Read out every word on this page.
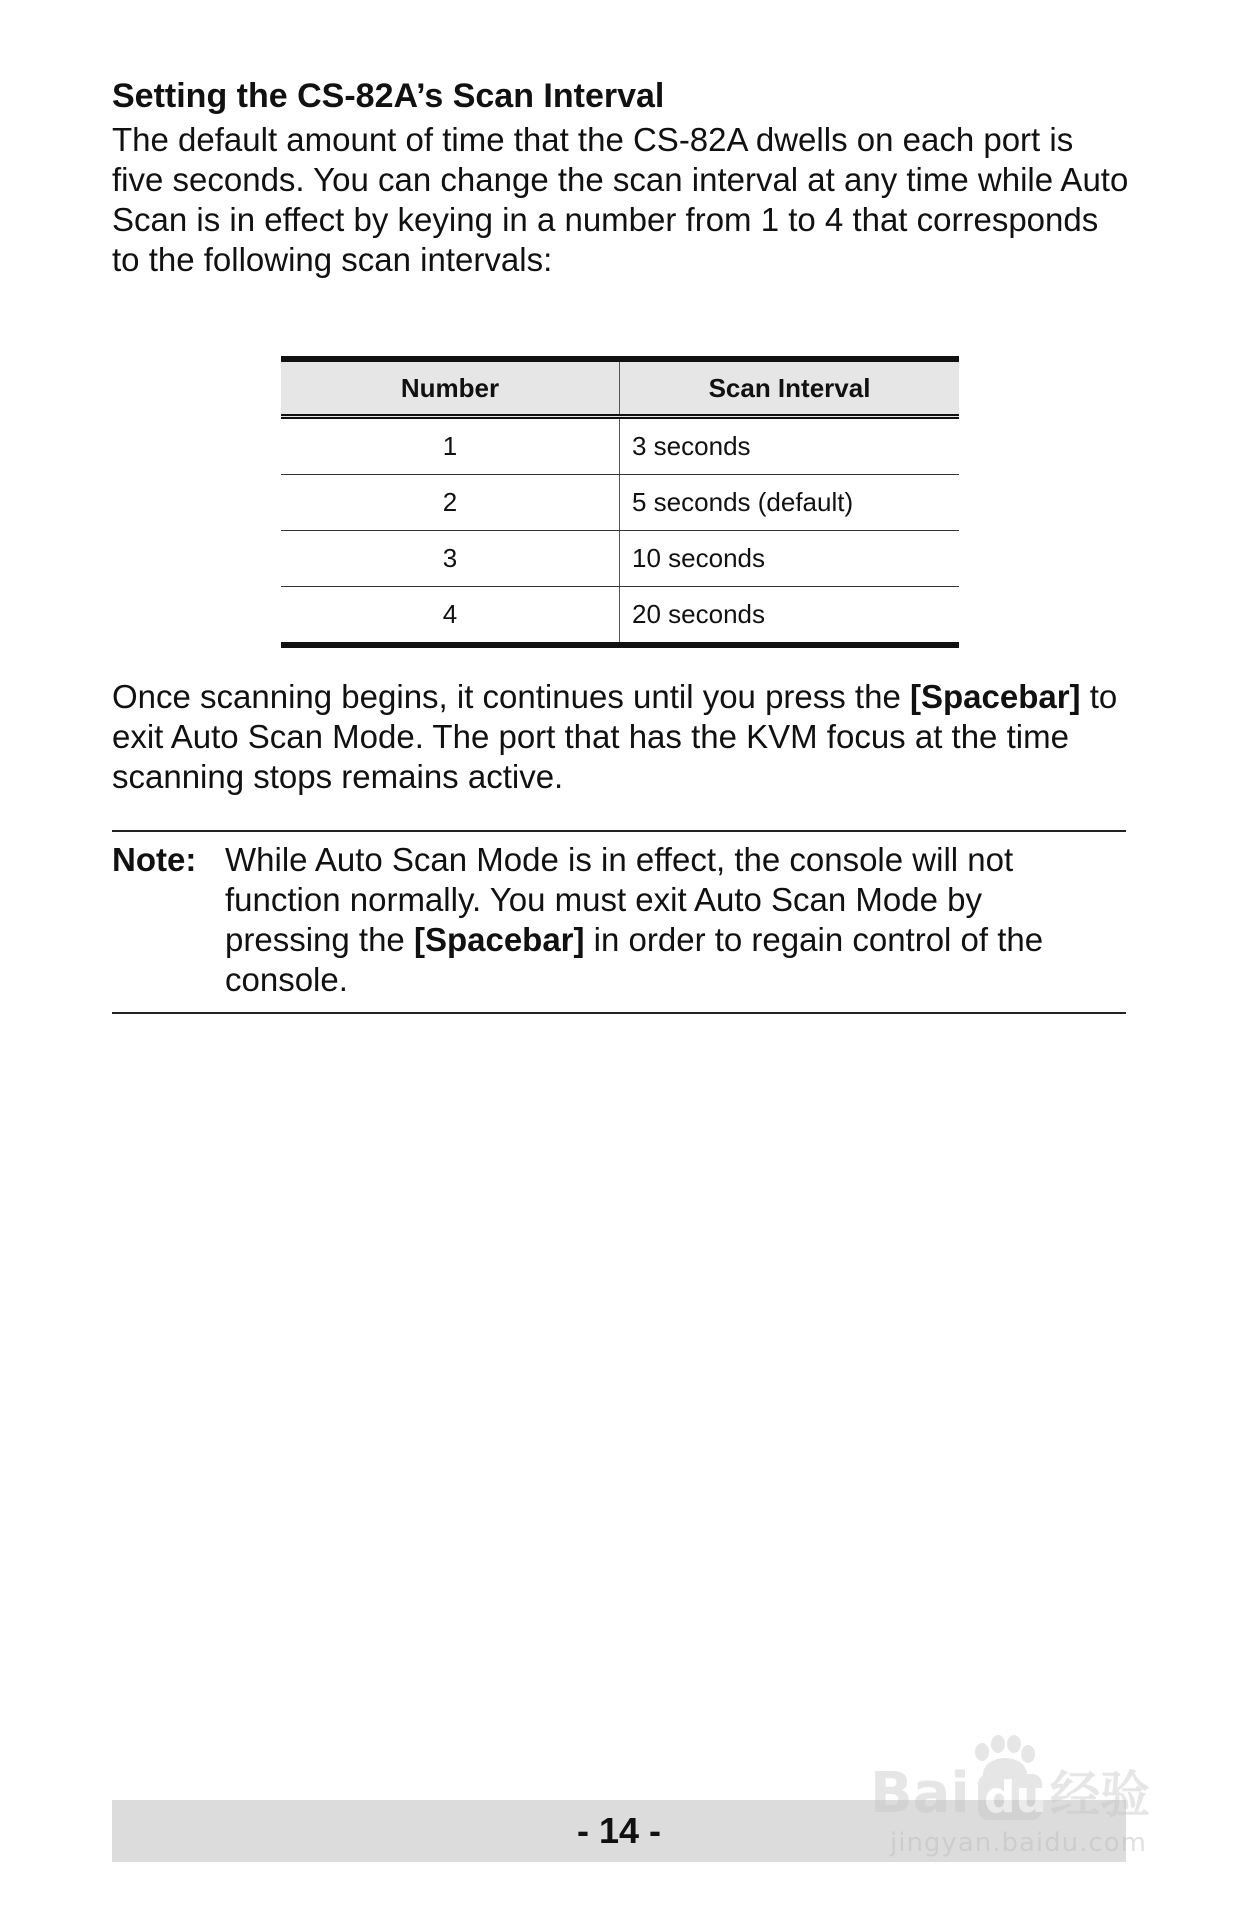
Setting the CS-82A’s Scan Interval

The default amount of time that the CS-82A dwells on each port is five seconds. You can change the scan interval at any time while Auto Scan is in effect by keying in a number from 1 to 4 that corresponds to the following scan intervals:

Number	Scan Interval
1	3 seconds
2	5 seconds (default)
3	10 seconds
4	20 seconds

Once scanning begins, it continues until you press the [Spacebar] to exit Auto Scan Mode. The port that has the KVM focus at the time scanning stops remains active.

Note: While Auto Scan Mode is in effect, the console will not function normally. You must exit Auto Scan Mode by pressing the [Spacebar] in order to regain control of the console.

- 14 -
Bai du 经验
jingyan.baidu.com
